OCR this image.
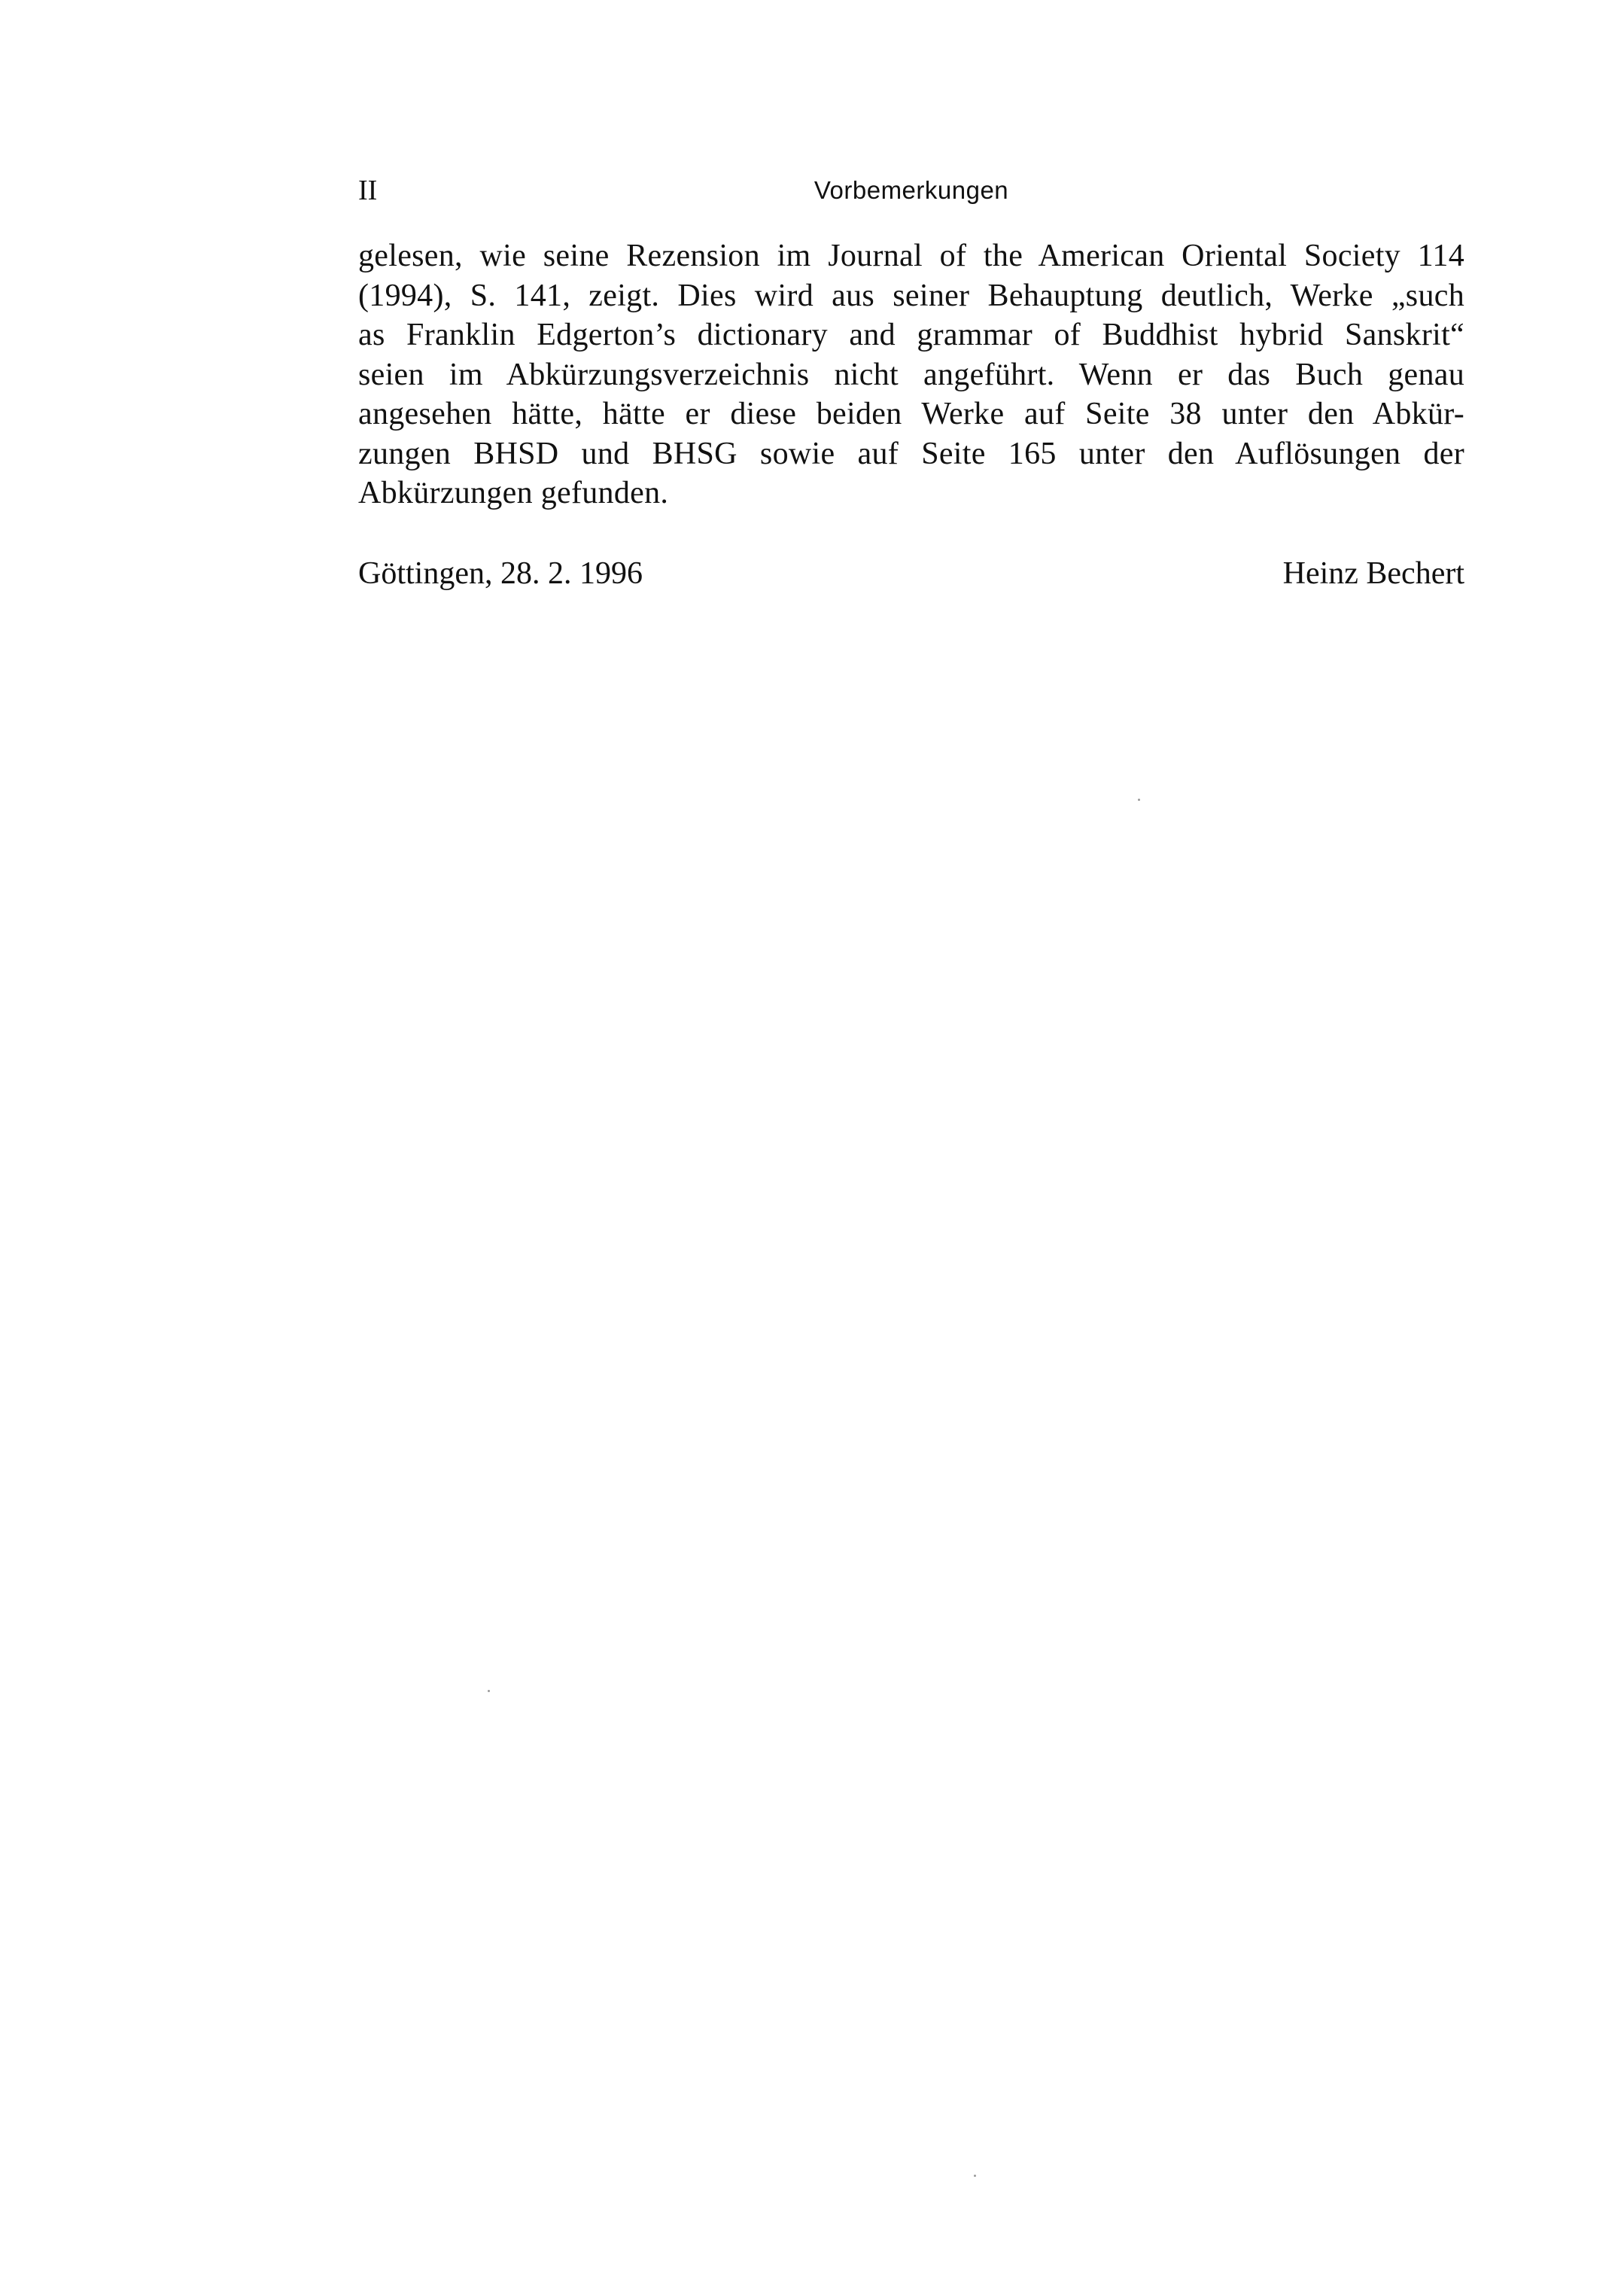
II	Vorbemerkungen
gelesen, wie seine Rezension im Journal of the American Oriental Society 114
(1994), S. 141, zeigt. Dies wird aus seiner Behauptung deutlich, Werke „such
as Franklin Edgerton’s dictionary and grammar of Buddhist hybrid Sanskrit“
seien im Abkürzungsverzeichnis nicht angeführt. Wenn er das Buch genau
angesehen hätte, hätte er diese beiden Werke auf Seite 38 unter den Abkür-
zungen BHSD und BHSG sowie auf Seite 165 unter den Auflösungen der
Abkürzungen gefunden.
Göttingen, 28. 2. 1996	Heinz Bechert
